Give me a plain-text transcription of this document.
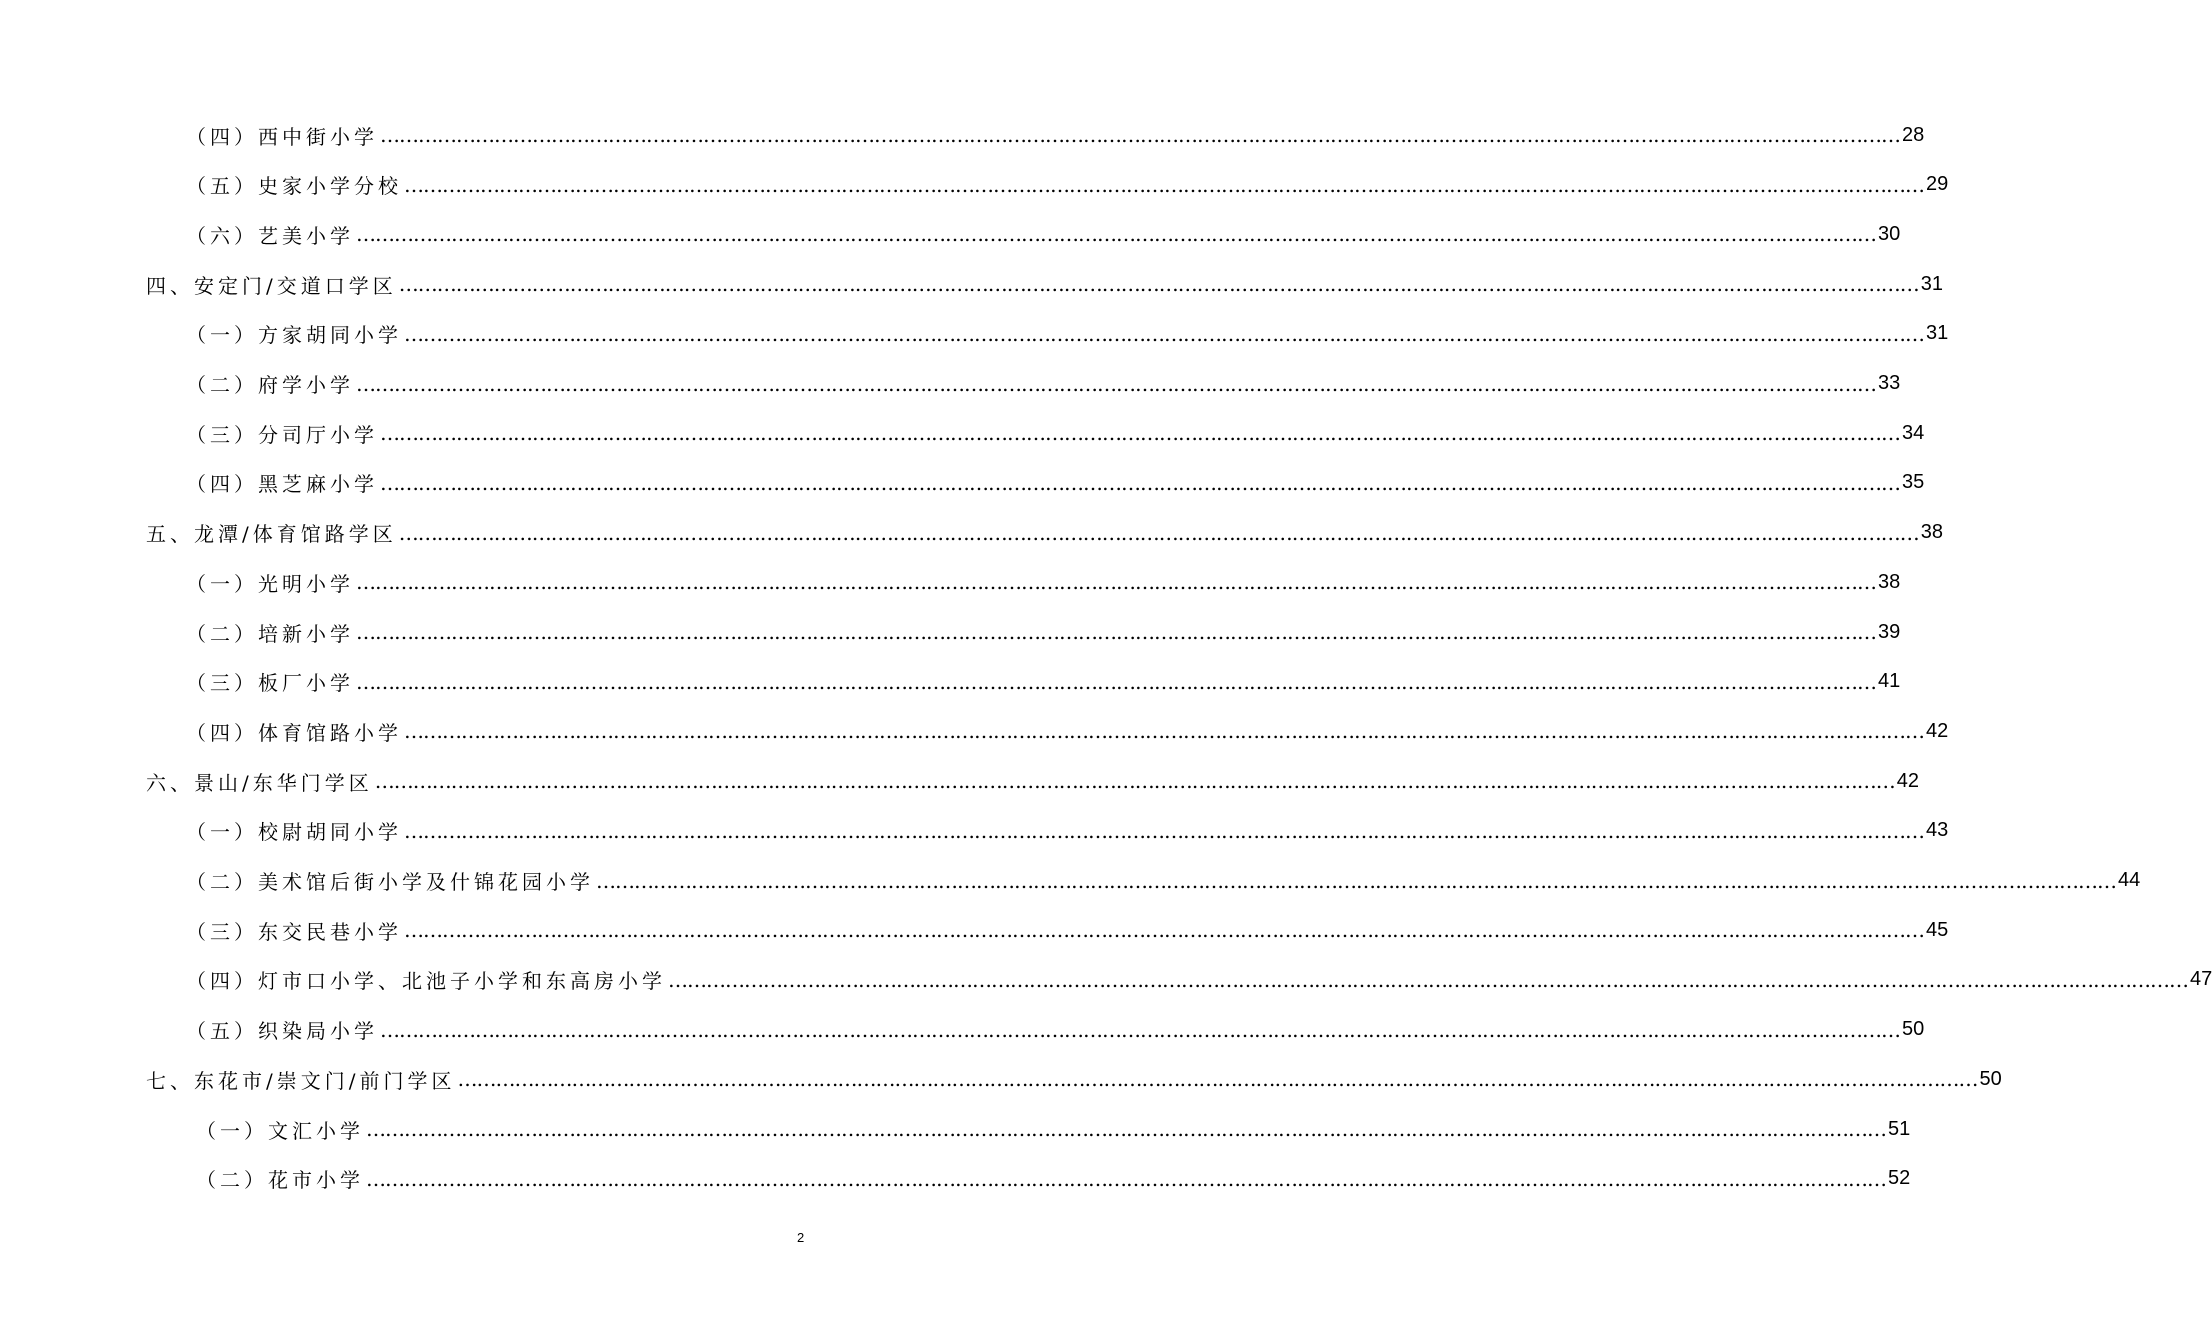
（四）西中街小学 …………………………………………………………………………………………………………………………………………………………………………………………………………………… 28
（五）史家小学分校 …………………………………………………………………………………………………………………………………………………………………………………………………………………… 29
（六）艺美小学 …………………………………………………………………………………………………………………………………………………………………………………………………………………… 30
四、安定门/交道口学区 …………………………………………………………………………………………………………………………………………………………………………………………………………………… 31
（一）方家胡同小学 …………………………………………………………………………………………………………………………………………………………………………………………………………………… 31
（二）府学小学 …………………………………………………………………………………………………………………………………………………………………………………………………………………… 33
（三）分司厅小学 …………………………………………………………………………………………………………………………………………………………………………………………………………………… 34
（四）黑芝麻小学 …………………………………………………………………………………………………………………………………………………………………………………………………………………… 35
五、龙潭/体育馆路学区 …………………………………………………………………………………………………………………………………………………………………………………………………………………… 38
（一）光明小学 …………………………………………………………………………………………………………………………………………………………………………………………………………………… 38
（二）培新小学 …………………………………………………………………………………………………………………………………………………………………………………………………………………… 39
（三）板厂小学 …………………………………………………………………………………………………………………………………………………………………………………………………………………… 41
（四）体育馆路小学 …………………………………………………………………………………………………………………………………………………………………………………………………………………… 42
六、景山/东华门学区 …………………………………………………………………………………………………………………………………………………………………………………………………………………… 42
（一）校尉胡同小学 …………………………………………………………………………………………………………………………………………………………………………………………………………………… 43
（二）美术馆后街小学及什锦花园小学 …………………………………………………………………………………………………………………………………………………………………………………………………………………… 44
（三）东交民巷小学 …………………………………………………………………………………………………………………………………………………………………………………………………………………… 45
（四）灯市口小学、北池子小学和东高房小学 …………………………………………………………………………………………………………………………………………………………………………………………………………………… 47
（五）织染局小学 …………………………………………………………………………………………………………………………………………………………………………………………………………………… 50
七、东花市/崇文门/前门学区 …………………………………………………………………………………………………………………………………………………………………………………………………………………… 50
（一）文汇小学 …………………………………………………………………………………………………………………………………………………………………………………………………………………… 51
（二）花市小学 …………………………………………………………………………………………………………………………………………………………………………………………………………………… 52
2
